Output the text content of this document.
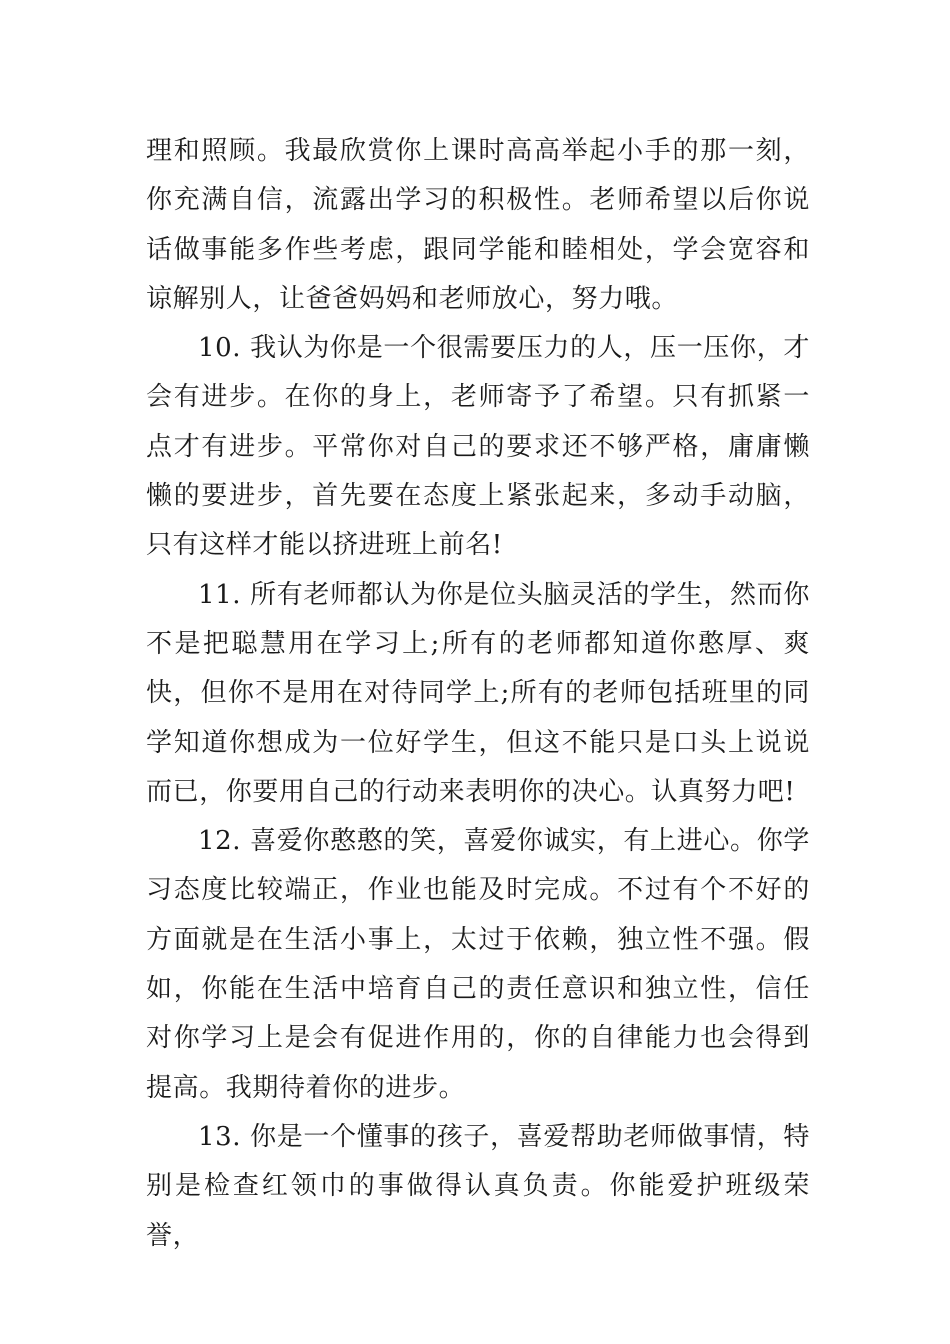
理和照顾。我最欣赏你上课时高高举起小手的那一刻，你充满自信，流露出学习的积极性。老师希望以后你说话做事能多作些考虑，跟同学能和睦相处，学会宽容和谅解别人，让爸爸妈妈和老师放心，努力哦。

10. 我认为你是一个很需要压力的人，压一压你，才会有进步。在你的身上，老师寄予了希望。只有抓紧一点才有进步。平常你对自己的要求还不够严格，庸庸懒懒的要进步，首先要在态度上紧张起来，多动手动脑，只有这样才能以挤进班上前名!

11. 所有老师都认为你是位头脑灵活的学生，然而你不是把聪慧用在学习上;所有的老师都知道你憨厚、爽快，但你不是用在对待同学上;所有的老师包括班里的同学知道你想成为一位好学生，但这不能只是口头上说说而已，你要用自己的行动来表明你的决心。认真努力吧!

12. 喜爱你憨憨的笑，喜爱你诚实，有上进心。你学习态度比较端正，作业也能及时完成。不过有个不好的方面就是在生活小事上，太过于依赖，独立性不强。假如，你能在生活中培育自己的责任意识和独立性，信任对你学习上是会有促进作用的，你的自律能力也会得到提高。我期待着你的进步。

13. 你是一个懂事的孩子，喜爱帮助老师做事情，特别是检查红领巾的事做得认真负责。你能爱护班级荣誉，
